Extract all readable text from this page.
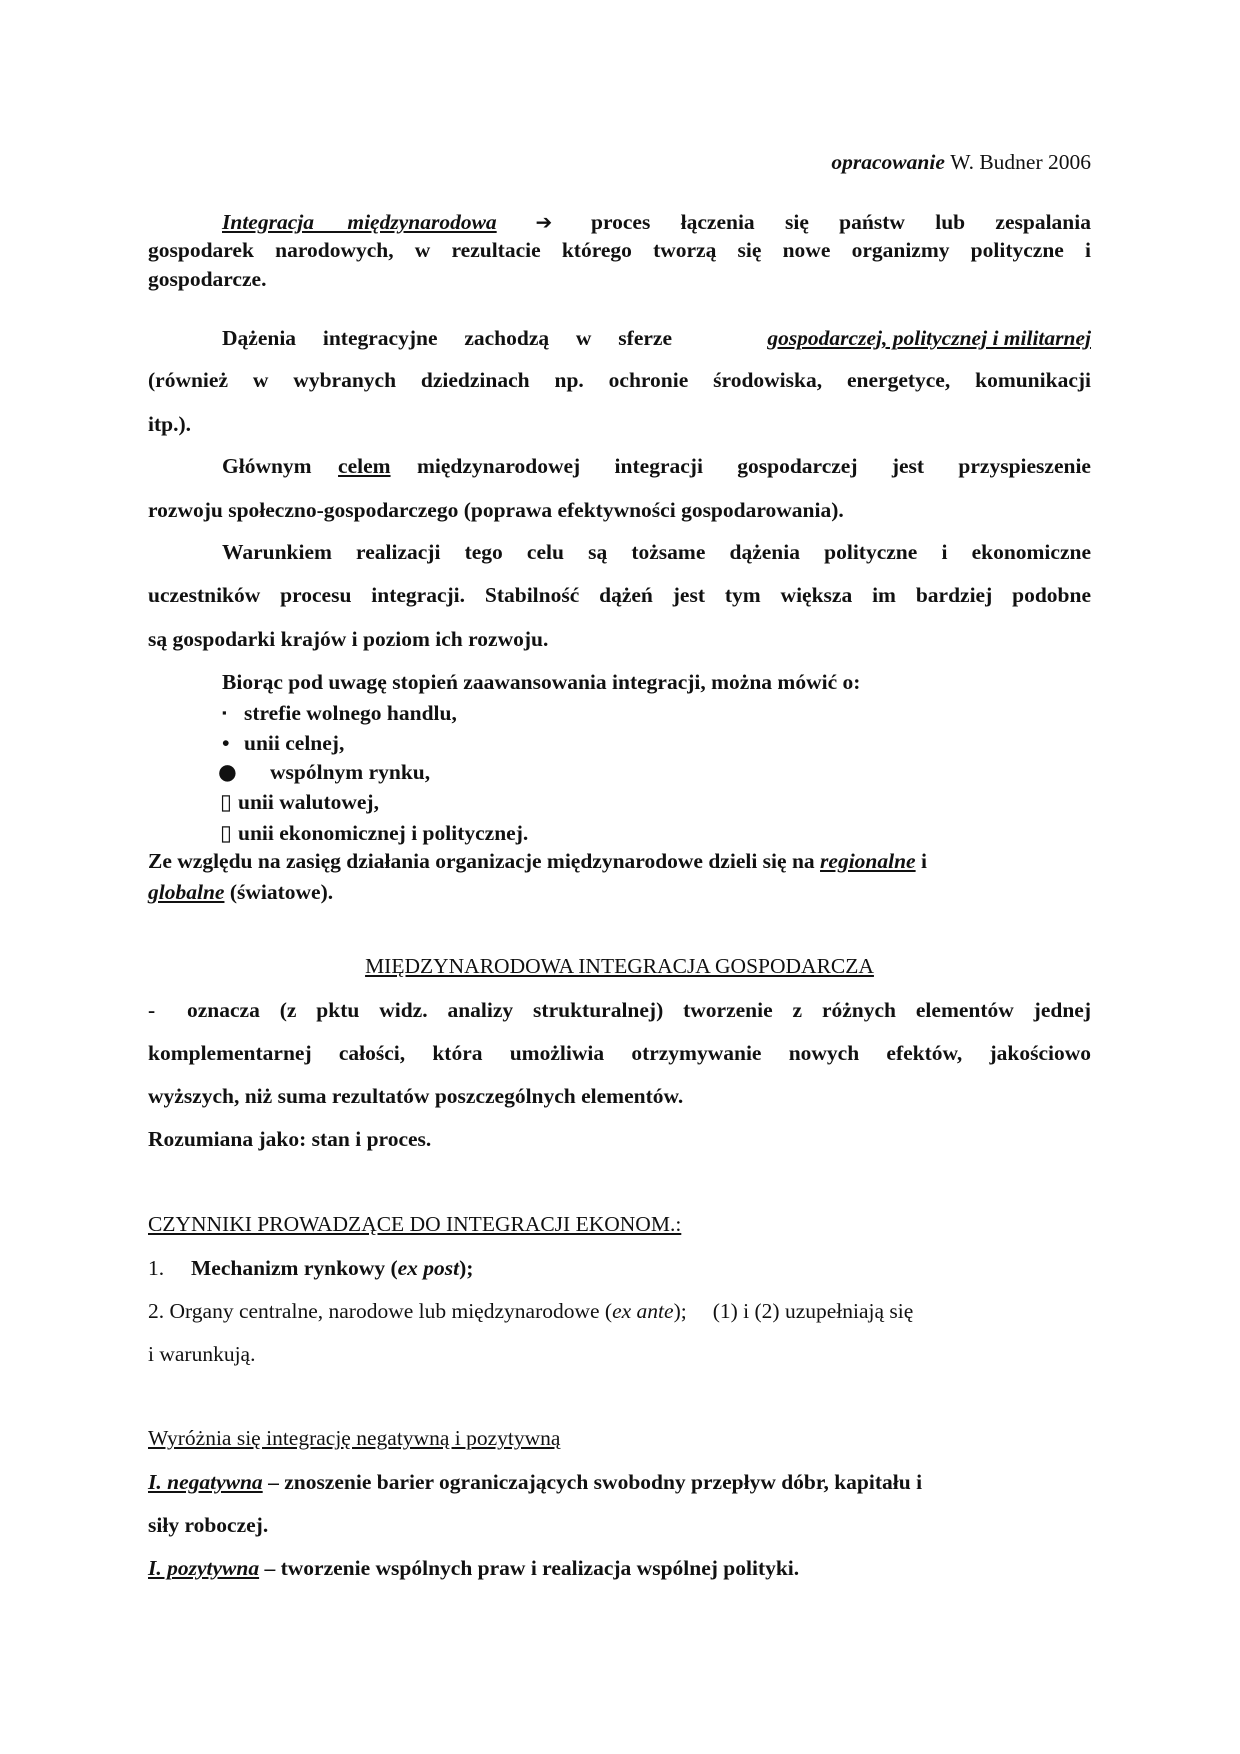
opracowanie W. Budner 2006
Integracja międzynarodowa ➔ proces łączenia się państw lub zespalania
gospodarek narodowych, w rezultacie którego tworzą się nowe organizmy polityczne i
gospodarcze.
Dążenia integracyjne zachodzą w sferze	gospodarczej, politycznej i militarnej
(również w wybranych dziedzinach np. ochronie środowiska, energetyce, komunikacji
itp.).
Głównym celem międzynarodowej integracji gospodarczej jest przyspieszenie
rozwoju społeczno-gospodarczego (poprawa efektywności gospodarowania).
Warunkiem realizacji tego celu są tożsame dążenia polityczne i ekonomiczne
uczestników procesu integracji. Stabilność dążeń jest tym większa im bardziej podobne
są gospodarki krajów i poziom ich rozwoju.
Biorąc pod uwagę stopień zaawansowania integracji, można mówić o:
▪ strefie wolnego handlu,
• unii celnej,
● wspólnym rynku,
▯ unii walutowej,
▯ unii ekonomicznej i politycznej.
Ze względu na zasięg działania organizacje międzynarodowe dzieli się na regionalne i
globalne (światowe).
MIĘDZYNARODOWA INTEGRACJA GOSPODARCZA
- oznacza (z pktu widz. analizy strukturalnej) tworzenie z różnych elementów jednej
komplementarnej całości, która umożliwia otrzymywanie nowych efektów, jakościowo
wyższych, niż suma rezultatów poszczególnych elementów.
Rozumiana jako: stan i proces.
CZYNNIKI PROWADZĄCE DO INTEGRACJI EKONOM.:
1. Mechanizm rynkowy (ex post);
2. Organy centralne, narodowe lub międzynarodowe (ex ante); (1) i (2) uzupełniają się
i warunkują.
Wyróżnia się integrację negatywną i pozytywną
I. negatywna – znoszenie barier ograniczających swobodny przepływ dóbr, kapitału i
siły roboczej.
I. pozytywna – tworzenie wspólnych praw i realizacja wspólnej polityki.
